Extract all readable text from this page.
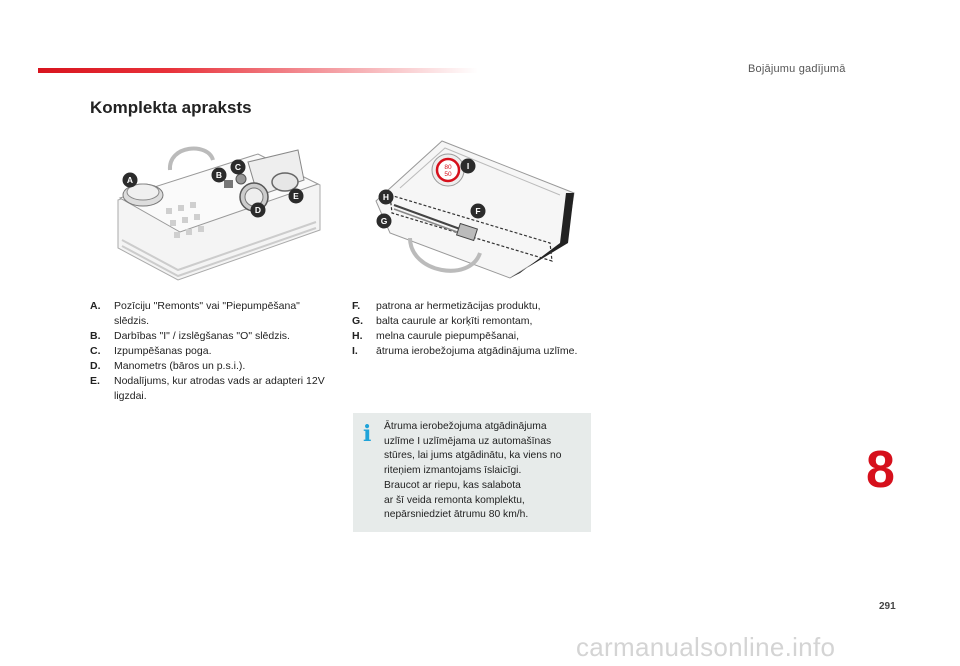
Bojājumu gadījumā
Komplekta apraksts
A	B
C
D
E
80
50
F
G
H
I
A.	Pozīciju "Remonts" vai "Piepumpēšana" slēdzis.
B.	Darbības "I" / izslēgšanas "O" slēdzis.
C.	Izpumpēšanas poga.
D.	Manometrs (bāros un p.s.i.).
E.	Nodalījums, kur atrodas vads ar adapteri 12V ligzdai.
F.	patrona ar hermetizācijas produktu,
G.	balta caurule ar korķīti remontam,
H.	melna caurule piepumpēšanai,
I.	ātruma ierobežojuma atgādinājuma uzlīme.
i Ātruma ierobežojuma atgādinājuma
uzlīme I uzlīmējama uz automašīnas
stūres, lai jums atgādinātu, ka viens no
riteņiem izmantojams īslaicīgi.
Braucot ar riepu, kas salabota
ar šī veida remonta komplektu,
nepārsniedziet ātrumu 80 km/h.
8
291
carmanualsonline.info
